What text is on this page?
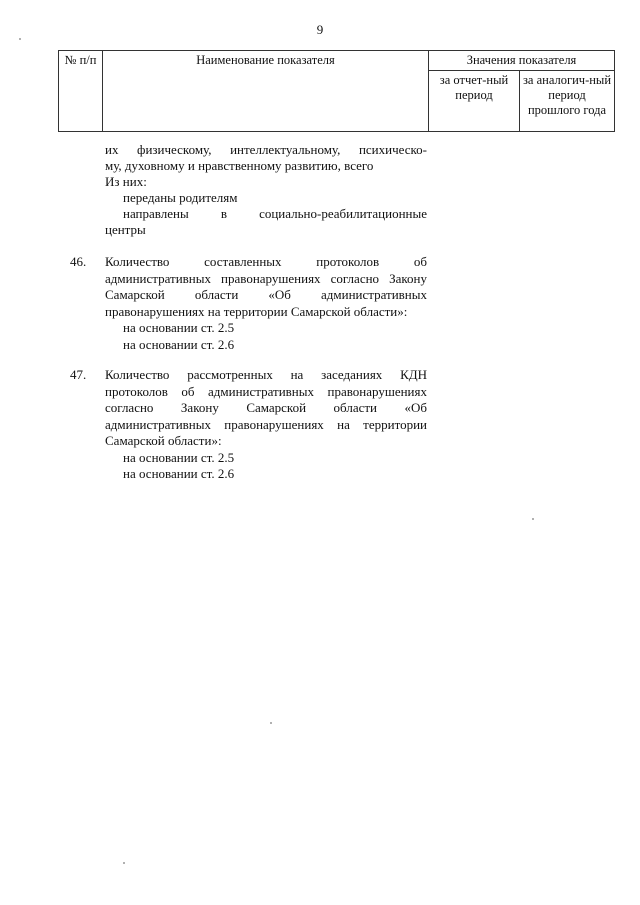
9
№ п/п	Наименование показателя	Значения показателя	
		за отчет-ный период	за аналогич-ный период прошлого года

их физическому, интеллектуальному, психическо-

му, духовному и нравственному развитию, всего

Из них:

переданы родителям

направлены в социально-реабилитационные

центры

46.	Количество составленных протоколов об административных правонарушениях согласно Закону Самарской области «Об административных правонарушениях на территории Самарской области»:

на основании ст. 2.5

на основании ст. 2.6

47.	Количество рассмотренных на заседаниях КДН протоколов об административных правонарушениях согласно Закону Самарской области «Об административных правонарушениях на территории Самарской области»:

на основании ст. 2.5

на основании ст. 2.6
